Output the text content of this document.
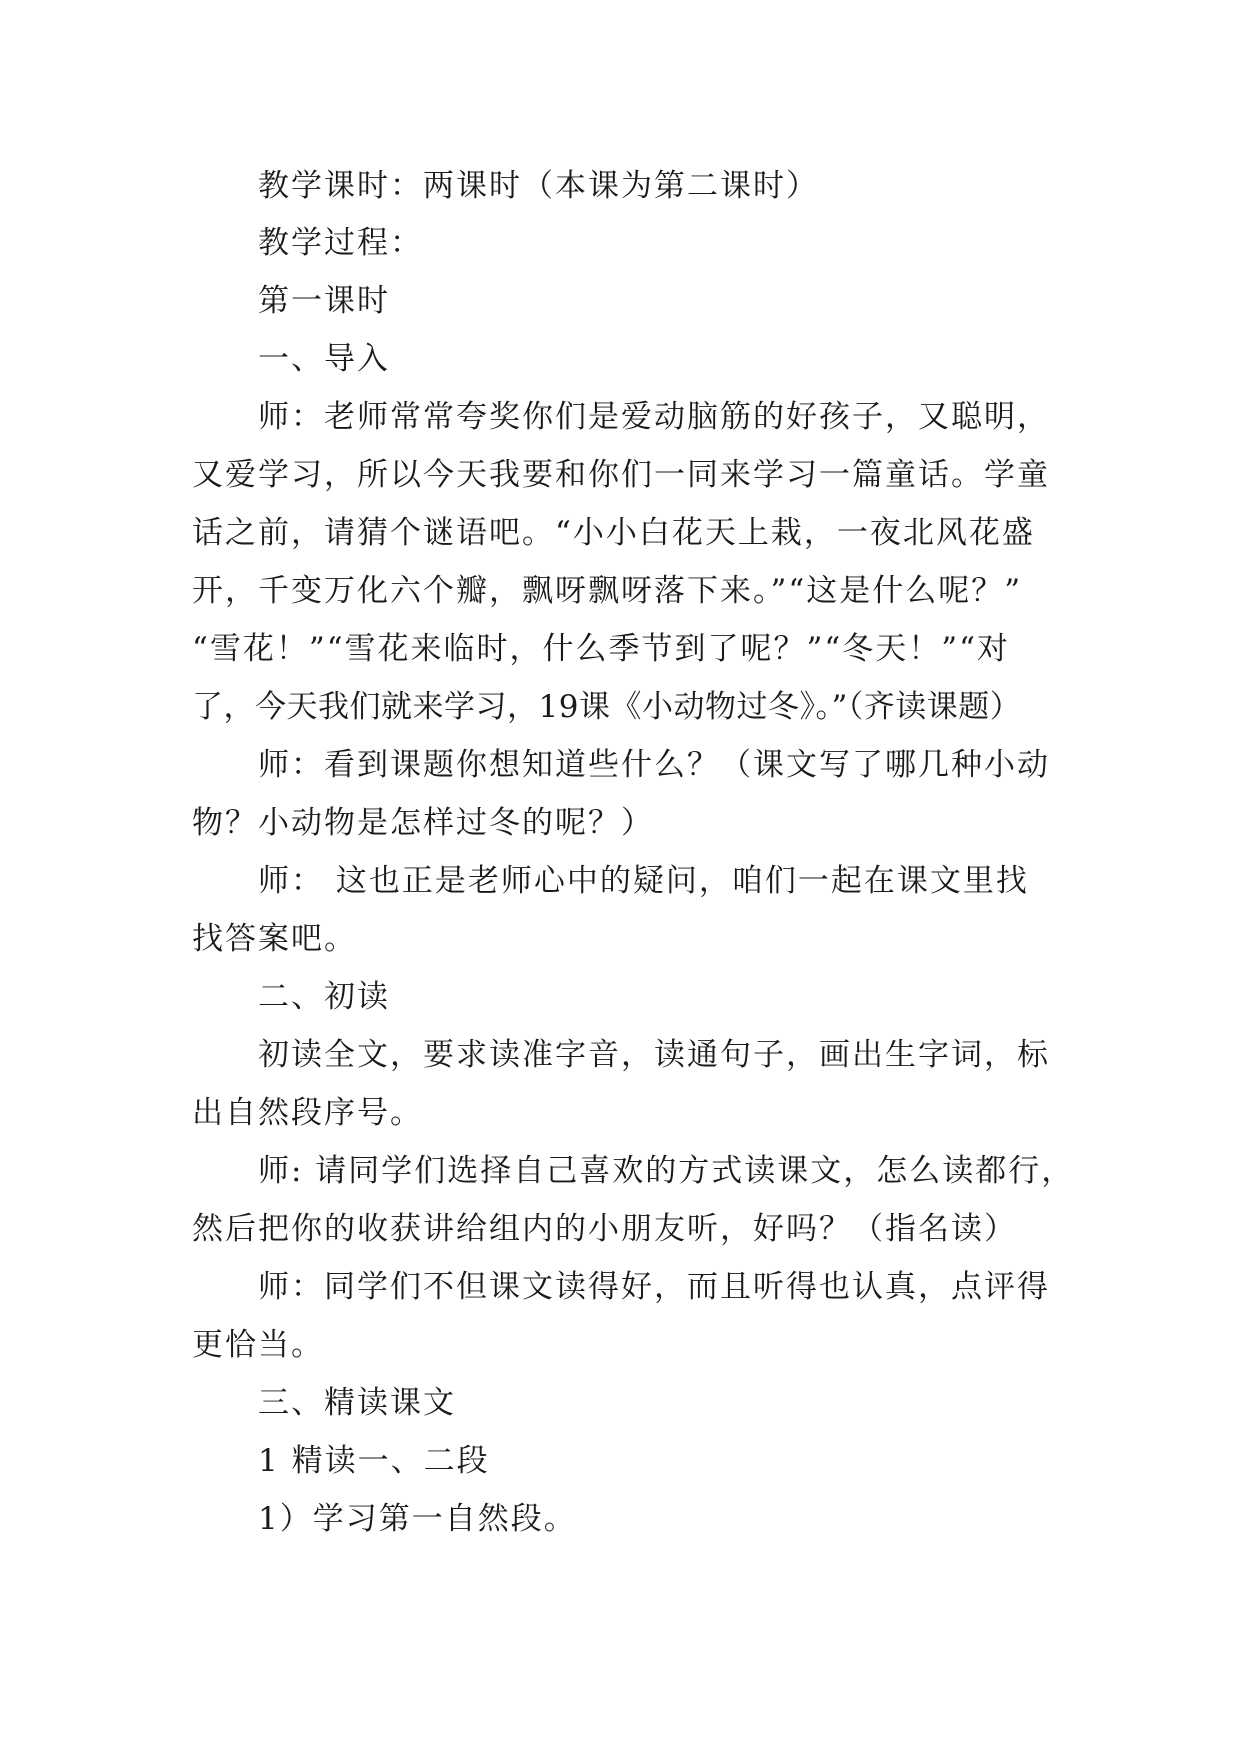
教学课时：两课时（本课为第二课时）
教学过程：
第一课时
一、导入
师：老师常常夸奖你们是爱动脑筋的好孩子，又聪明，
又爱学习，所以今天我要和你们一同来学习一篇童话。学童
话之前，请猜个谜语吧。“小小白花天上栽，一夜北风花盛
开，千变万化六个瓣，飘呀飘呀落下来。”“这是什么呢？”
“雪花！”“雪花来临时，什么季节到了呢？”“冬天！”“对
了，今天我们就来学习，19课《小动物过冬》。”（齐读课题）
师：看到课题你想知道些什么？（课文写了哪几种小动
物？小动物是怎样过冬的呢？）
师： 这也正是老师心中的疑问，咱们一起在课文里找
找答案吧。
二、初读
初读全文，要求读准字音，读通句子，画出生字词，标
出自然段序号。
师: 请同学们选择自己喜欢的方式读课文，怎么读都行，
然后把你的收获讲给组内的小朋友听，好吗？（指名读）
师：同学们不但课文读得好，而且听得也认真，点评得
更恰当。
三、精读课文
1 精读一、二段
1）学习第一自然段。
